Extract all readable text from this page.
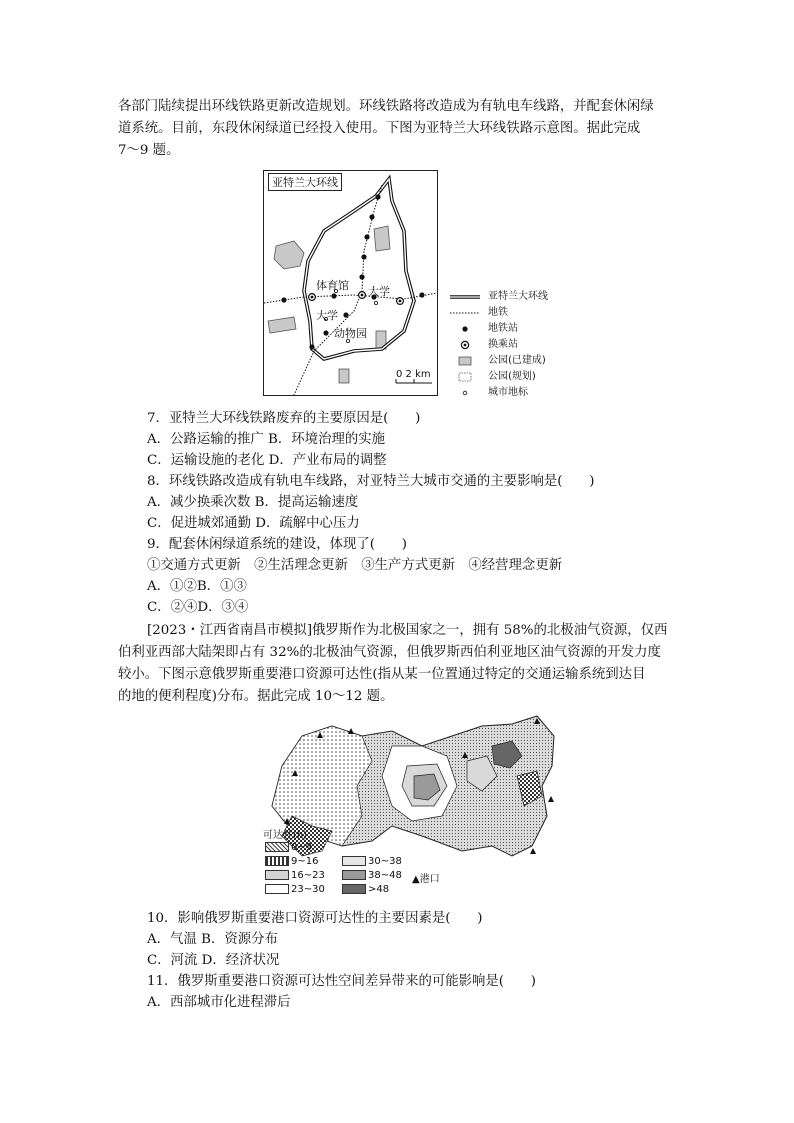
各部门陆续提出环线铁路更新改造规划。环线铁路将改造成为有轨电车线路，并配套休闲绿
道系统。目前，东段休闲绿道已经投入使用。下图为亚特兰大环线铁路示意图。据此完成
7～9 题。
亚特兰大环线
体育馆 大学
大学
动物园
0 2 km
亚特兰大环线
地铁
地铁站
换乘站
公园(已建成)
公园(规划)
城市地标
7．亚特兰大环线铁路废弃的主要原因是(　　)
A．公路运输的推广 B．环境治理的实施
C．运输设施的老化 D．产业布局的调整
8．环线铁路改造成有轨电车线路，对亚特兰大城市交通的主要影响是(　　)
A．减少换乘次数 B．提高运输速度
C．促进城郊通勤 D．疏解中心压力
9．配套休闲绿道系统的建设，体现了(　　)
①交通方式更新　②生活理念更新　③生产方式更新　④经营理念更新
A．①②B．①③
C．②④D．③④
[2023・江西省南昌市模拟]俄罗斯作为北极国家之一，拥有 58%的北极油气资源，仅西
伯利亚西部大陆架即占有 32%的北极油气资源，但俄罗斯西伯利亚地区油气资源的开发力度
较小。下图示意俄罗斯重要港口资源可达性(指从某一位置通过特定的交通运输系统到达目
的地的便利程度)分布。据此完成 10～12 题。
可达性(h)
0~9
9~16
16~23
23~30
30~38
38~48
>48
▲港口
10．影响俄罗斯重要港口资源可达性的主要因素是(　　)
A．气温 B．资源分布
C．河流 D．经济状况
11．俄罗斯重要港口资源可达性空间差异带来的可能影响是(　　)
A．西部城市化进程滞后
